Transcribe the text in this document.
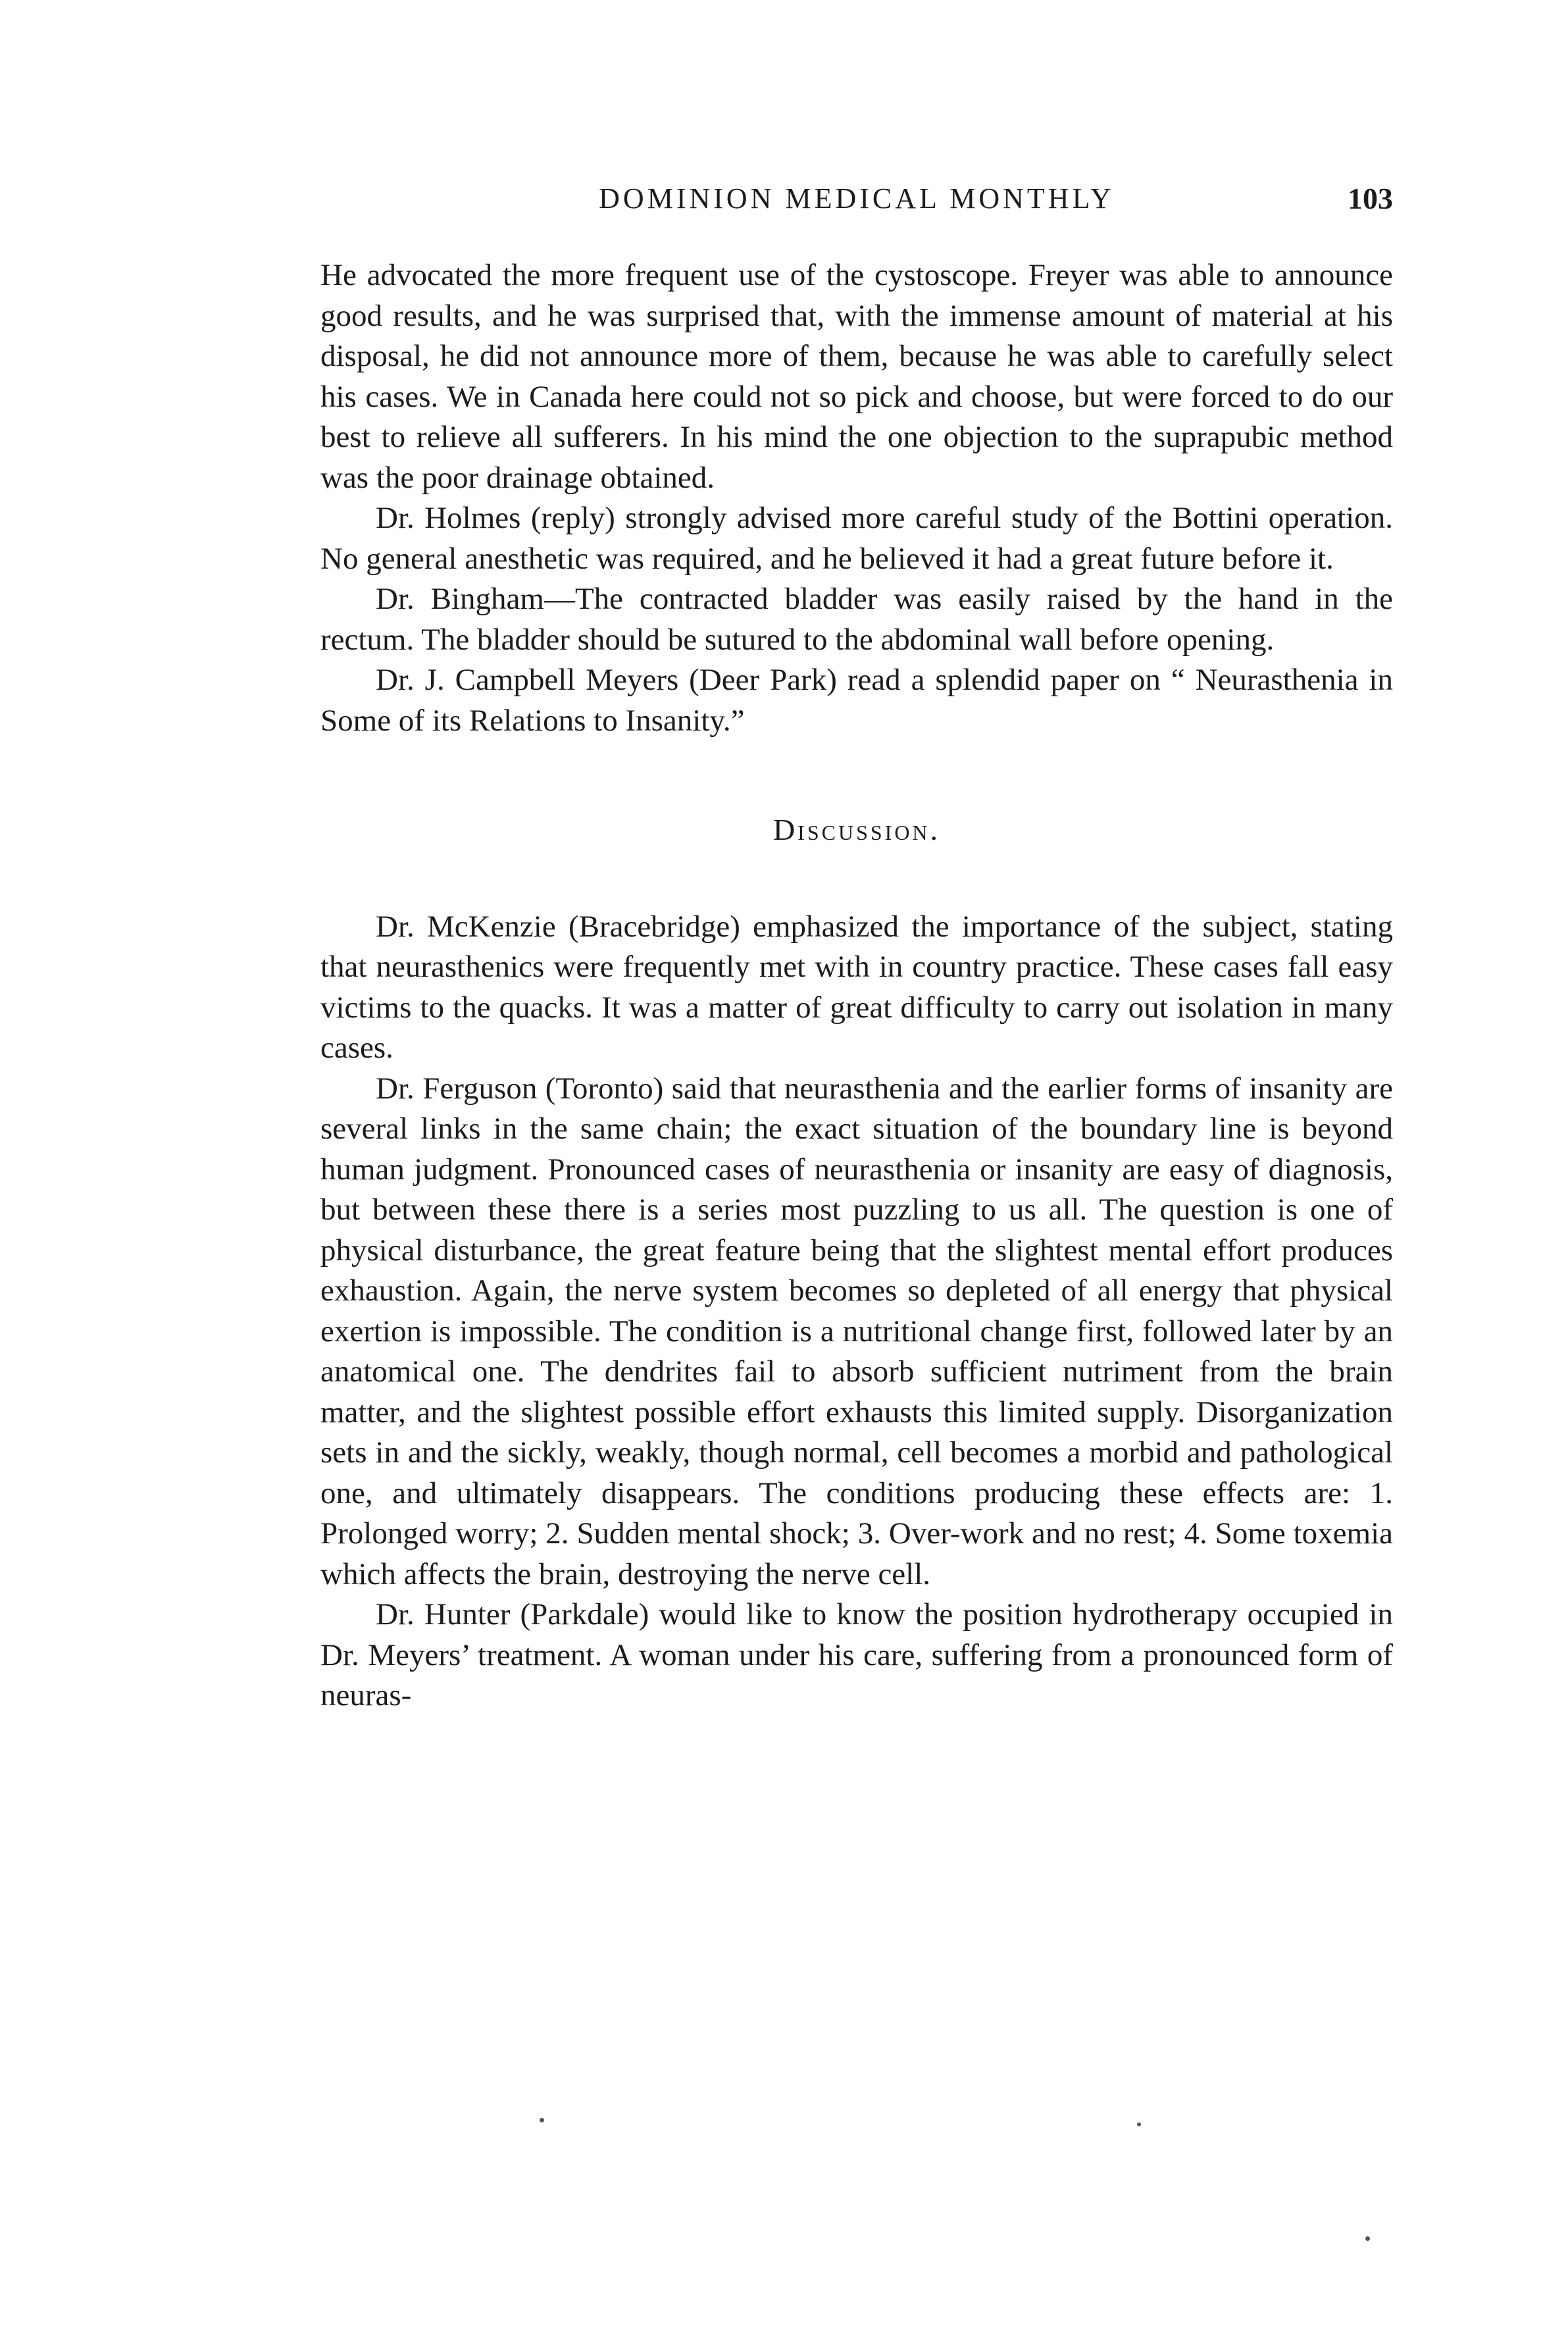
DOMINION MEDICAL MONTHLY	103

He advocated the more frequent use of the cystoscope. Freyer was able to announce good results, and he was surprised that, with the immense amount of material at his disposal, he did not announce more of them, because he was able to carefully select his cases. We in Canada here could not so pick and choose, but were forced to do our best to relieve all sufferers. In his mind the one objection to the suprapubic method was the poor drainage obtained.

Dr. Holmes (reply) strongly advised more careful study of the Bottini operation. No general anesthetic was required, and he believed it had a great future before it.

Dr. Bingham—The contracted bladder was easily raised by the hand in the rectum. The bladder should be sutured to the abdominal wall before opening.

Dr. J. Campbell Meyers (Deer Park) read a splendid paper on “ Neurasthenia in Some of its Relations to Insanity.”

Discussion.

Dr. McKenzie (Bracebridge) emphasized the importance of the subject, stating that neurasthenics were frequently met with in country practice. These cases fall easy victims to the quacks. It was a matter of great difficulty to carry out isolation in many cases.

Dr. Ferguson (Toronto) said that neurasthenia and the earlier forms of insanity are several links in the same chain; the exact situation of the boundary line is beyond human judgment. Pronounced cases of neurasthenia or insanity are easy of diagnosis, but between these there is a series most puzzling to us all. The question is one of physical disturbance, the great feature being that the slightest mental effort produces exhaustion. Again, the nerve system becomes so depleted of all energy that physical exertion is impossible. The condition is a nutritional change first, followed later by an anatomical one. The dendrites fail to absorb sufficient nutriment from the brain matter, and the slightest possible effort exhausts this limited supply. Disorganization sets in and the sickly, weakly, though normal, cell becomes a morbid and pathological one, and ultimately disappears. The conditions producing these effects are: 1. Prolonged worry; 2. Sudden mental shock; 3. Over-work and no rest; 4. Some toxemia which affects the brain, destroying the nerve cell.

Dr. Hunter (Parkdale) would like to know the position hydrotherapy occupied in Dr. Meyers’ treatment. A woman under his care, suffering from a pronounced form of neuras-
